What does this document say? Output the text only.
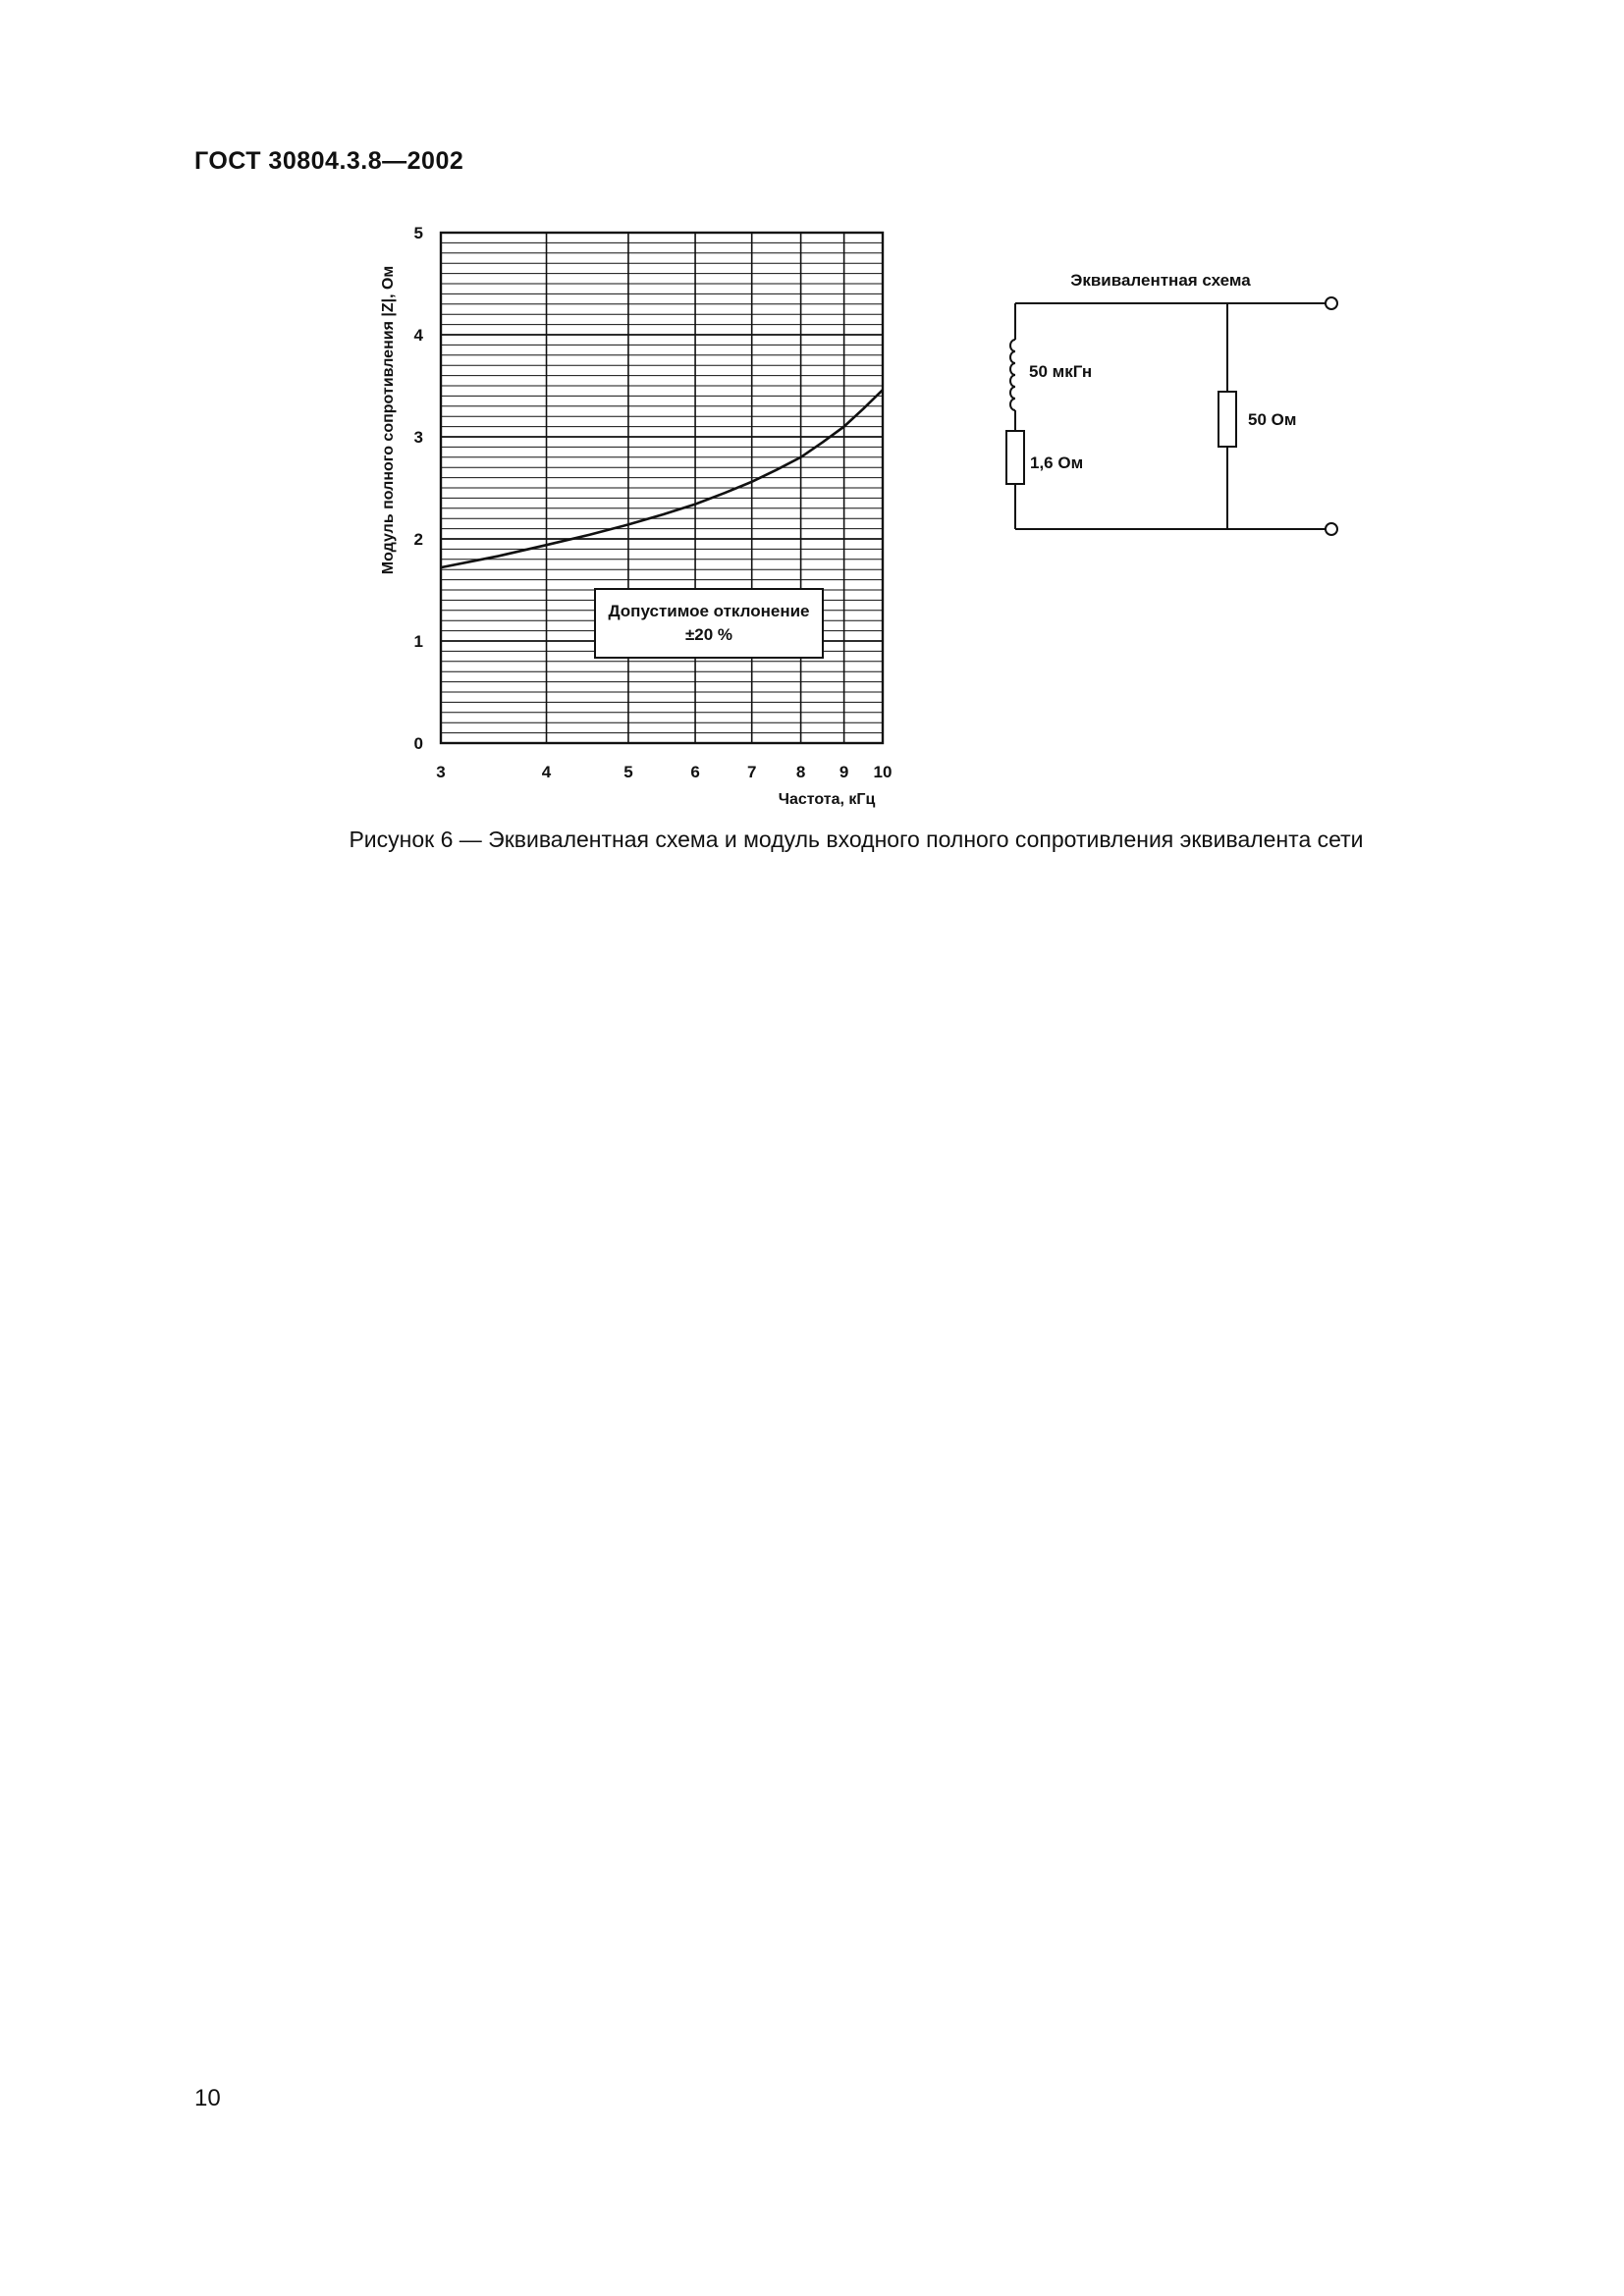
ГОСТ 30804.3.8—2002
3	4	5	6	7 8 9 10
0
1
2
3
4
5
Допустимое отклонение
±20 %
Частота, кГц
Модуль полного сопротивления |Z|, Ом	Эквивалентная схема
50 мкГн
1,6 Ом
50 Ом
Рисунок 6 — Эквивалентная схема и модуль входного полного сопротивления эквивалента сети
10
